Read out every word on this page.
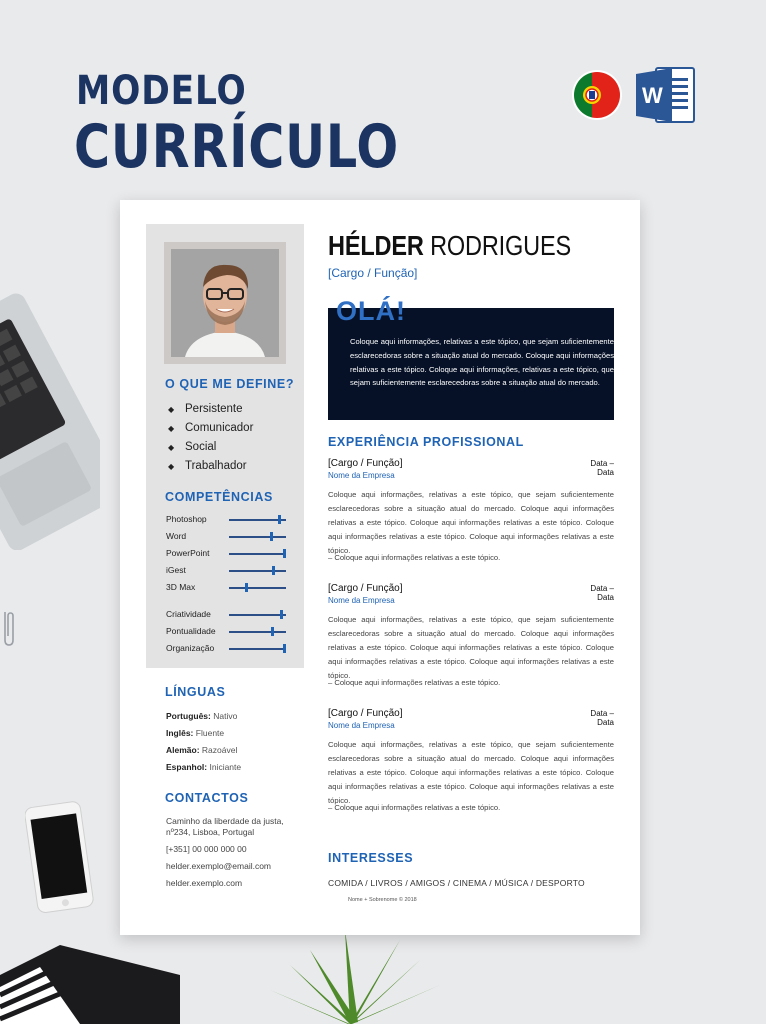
MODELO
CURRÍCULO
W
O QUE ME DEFINE?
◆ Persistente
◆ Comunicador
◆ Social
◆ Trabalhador
COMPETÊNCIAS
Photoshop
Word
PowerPoint
iGest
3D Max
Criatividade
Pontualidade
Organização
LÍNGUAS
Português: Nativo
Inglês: Fluente
Alemão: Razoável
Espanhol: Iniciante
CONTACTOS
Caminho da liberdade da justa, nº234, Lisboa, Portugal
[+351] 00 000 000 00
helder.exemplo@email.com
helder.exemplo.com
HÉLDER RODRIGUES
[Cargo / Função]
OLÁ!
Coloque aqui informações, relativas a este tópico, que sejam suficientemente esclarecedoras sobre a situação atual do mercado. Coloque aqui informações relativas a este tópico. Coloque aqui informações, relativas a este tópico, que sejam suficientemente esclarecedoras sobre a situação atual do mercado.
EXPERIÊNCIA PROFISSIONAL
[Cargo / Função]	Data – Data
Nome da Empresa
Coloque aqui informações, relativas a este tópico, que sejam suficientemente esclarecedoras sobre a situação atual do mercado. Coloque aqui informações relativas a este tópico. Coloque aqui informações relativas a este tópico. Coloque aqui informações relativas a este tópico. Coloque aqui informações relativas a este tópico.
– Coloque aqui informações relativas a este tópico.
[Cargo / Função]	Data – Data
Nome da Empresa
Coloque aqui informações, relativas a este tópico, que sejam suficientemente esclarecedoras sobre a situação atual do mercado. Coloque aqui informações relativas a este tópico. Coloque aqui informações relativas a este tópico. Coloque aqui informações relativas a este tópico. Coloque aqui informações relativas a este tópico.
– Coloque aqui informações relativas a este tópico.
[Cargo / Função]	Data – Data
Nome da Empresa
Coloque aqui informações, relativas a este tópico, que sejam suficientemente esclarecedoras sobre a situação atual do mercado. Coloque aqui informações relativas a este tópico. Coloque aqui informações relativas a este tópico. Coloque aqui informações relativas a este tópico. Coloque aqui informações relativas a este tópico.
– Coloque aqui informações relativas a este tópico.
INTERESSES
COMIDA / LIVROS / AMIGOS / CINEMA / MÚSICA / DESPORTO
Nome + Sobrenome © 2018
